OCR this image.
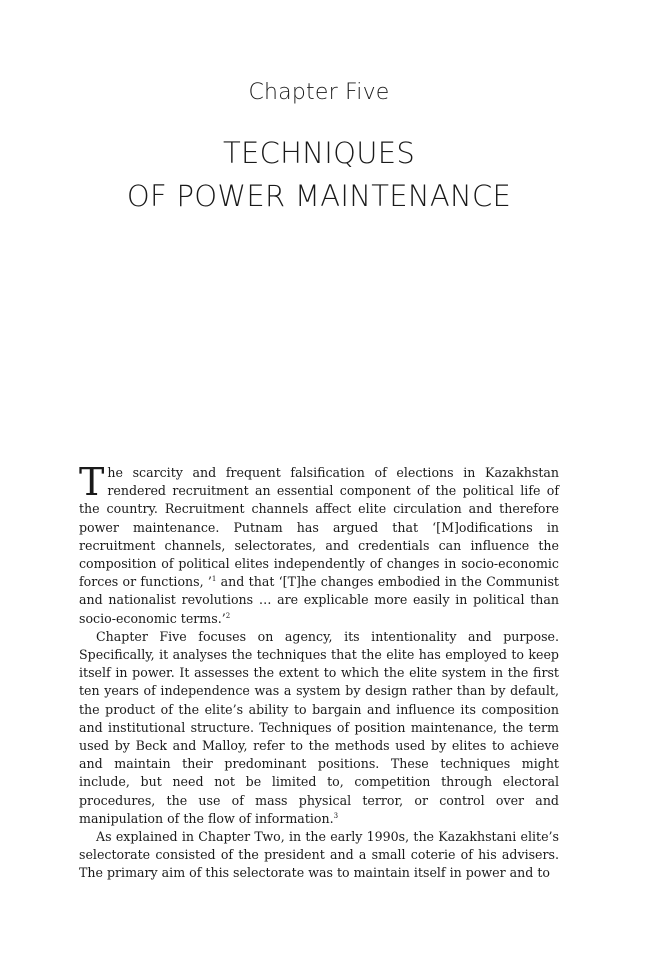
Chapter Five
TECHNIQUES
OF POWER MAINTENANCE

The scarcity and frequent falsification of elections in Kazakhstan rendered recruitment an essential component of the political life of the country. Recruitment channels affect elite circulation and therefore power maintenance. Putnam has argued that ‘[M]odifications in recruitment channels, selectorates, and credentials can influence the composition of political elites independently of changes in socio-economic forces or functions, ’$^1$ and that ‘[T]he changes embodied in the Communist and nationalist revolutions … are explicable more easily in political than socio-economic terms.’$^2$

Chapter Five focuses on agency, its intentionality and purpose. Specifically, it analyses the techniques that the elite has employed to keep itself in power. It assesses the extent to which the elite system in the first ten years of independence was a system by design rather than by default, the product of the elite’s ability to bargain and influence its composition and institutional structure. Techniques of position maintenance, the term used by Beck and Malloy, refer to the methods used by elites to achieve and maintain their predominant positions. These techniques might include, but need not be limited to, competition through electoral procedures, the use of mass physical terror, or control over and manipulation of the flow of information.$^3$

As explained in Chapter Two, in the early 1990s, the Kazakhstani elite’s selectorate consisted of the president and a small coterie of his advisers. The primary aim of this selectorate was to maintain itself in power and to
